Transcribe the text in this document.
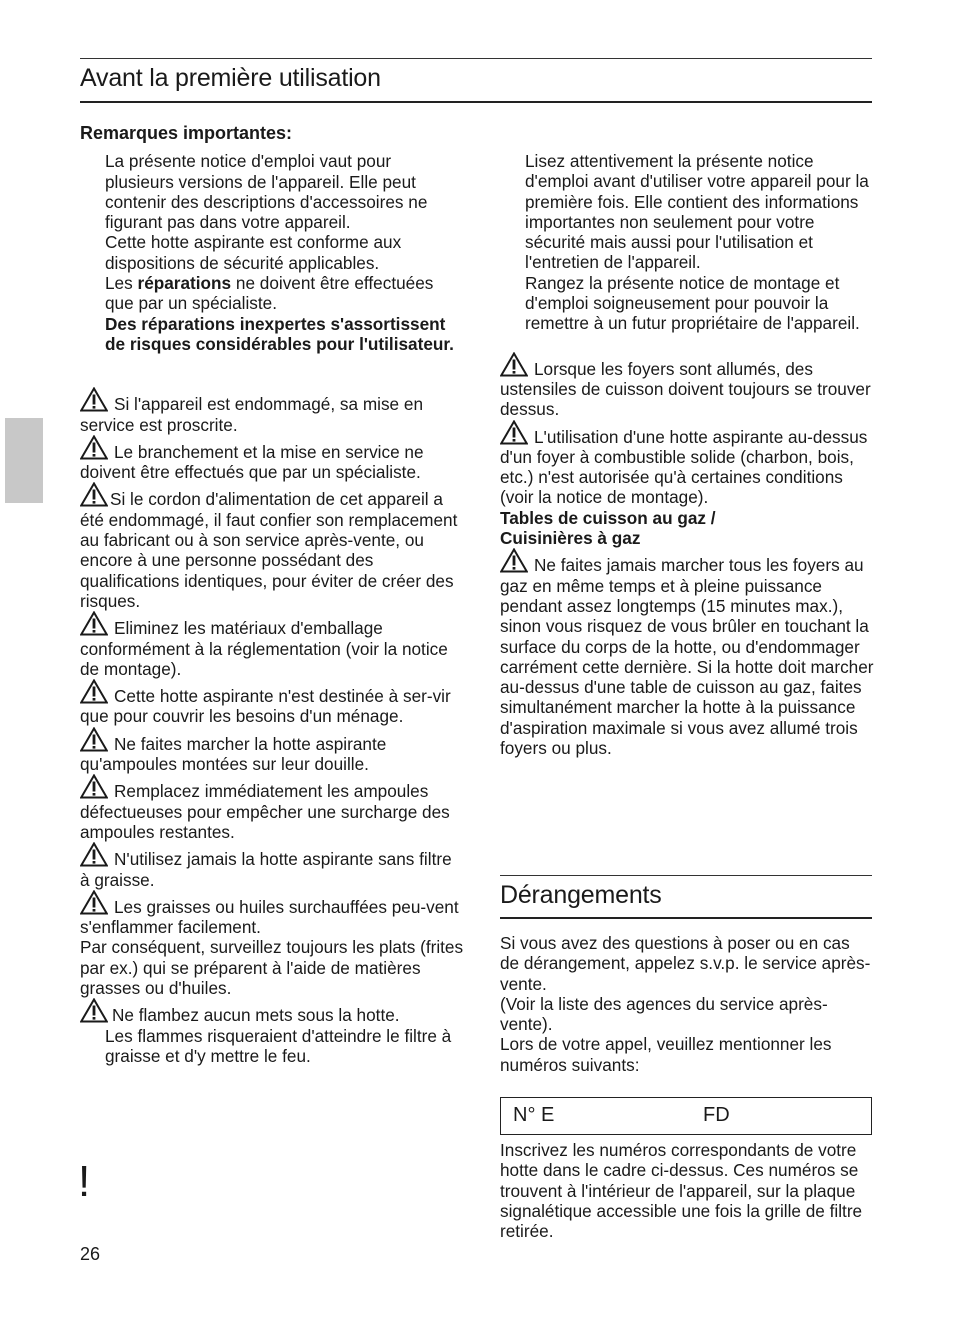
Avant la première utilisation

Remarques importantes:

La présente notice d'emploi vaut pour plusieurs versions de l'appareil. Elle peut contenir des descriptions d'accessoires ne figurant pas dans votre appareil.

Cette hotte aspirante est conforme aux dispositions de sécurité applicables.

Les réparations ne doivent être effectuées que par un spécialiste.

Des réparations inexpertes s'assortissent de risques considérables pour l'utilisateur.

Si l'appareil est endommagé, sa mise en service est proscrite.

Le branchement et la mise en service ne doivent être effectués que par un spécialiste.

Si le cordon d'alimentation de cet appareil a été endommagé, il faut confier son remplacement au fabricant ou à son service après-vente, ou encore à une personne possédant des qualifications identiques, pour éviter de créer des risques.

Eliminez les matériaux d'emballage conformément à la réglementation (voir la notice de montage).

Cette hotte aspirante n'est destinée à ser-vir que pour couvrir les besoins d'un ménage.

Ne faites marcher la hotte aspirante qu'ampoules montées sur leur douille.

Remplacez immédiatement les ampoules défectueuses pour empêcher une surcharge des ampoules restantes.

N'utilisez jamais la hotte aspirante sans filtre à graisse.

Les graisses ou huiles surchauffées peu-vent s'enflammer facilement.

Par conséquent, surveillez toujours les plats (frites par ex.) qui se préparent à l'aide de matières grasses ou d'huiles.

Ne flambez aucun mets sous la hotte.

Les flammes risqueraient d'atteindre le filtre à graisse et d'y mettre le feu.

!

Lisez attentivement la présente notice d'emploi avant d'utiliser votre appareil pour la première fois. Elle contient des informations importantes non seulement pour votre sécurité mais aussi pour l'utilisation et l'entretien de l'appareil.

Rangez la présente notice de montage et d'emploi soigneusement pour pouvoir la remettre à un futur propriétaire de l'appareil.

Lorsque les foyers sont allumés, des ustensiles de cuisson doivent toujours se trouver dessus.

L'utilisation d'une hotte aspirante au-dessus d'un foyer à combustible solide (charbon, bois, etc.) n'est autorisée qu'à certaines conditions (voir la notice de montage).

Tables de cuisson au gaz /
Cuisinières à gaz

Ne faites jamais marcher tous les foyers au gaz en même temps et à pleine puissance pendant assez longtemps (15 minutes max.), sinon vous risquez de vous brûler en touchant la surface du corps de la hotte, ou d'endommager carrément cette dernière. Si la hotte doit marcher au-dessus d'une table de cuisson au gaz, faites simultanément marcher la hotte à la puissance d'aspiration maximale si vous avez allumé trois foyers ou plus.

Dérangements

Si vous avez des questions à poser ou en cas de dérangement, appelez s.v.p. le service après-vente.

(Voir la liste des agences du service après-vente).

Lors de votre appel, veuillez mentionner les numéros suivants:

N° E	FD

Inscrivez les numéros correspondants de votre hotte dans le cadre ci-dessus. Ces numéros se trouvent à l'intérieur de l'appareil, sur la plaque signalétique accessible une fois la grille de filtre retirée.

26
